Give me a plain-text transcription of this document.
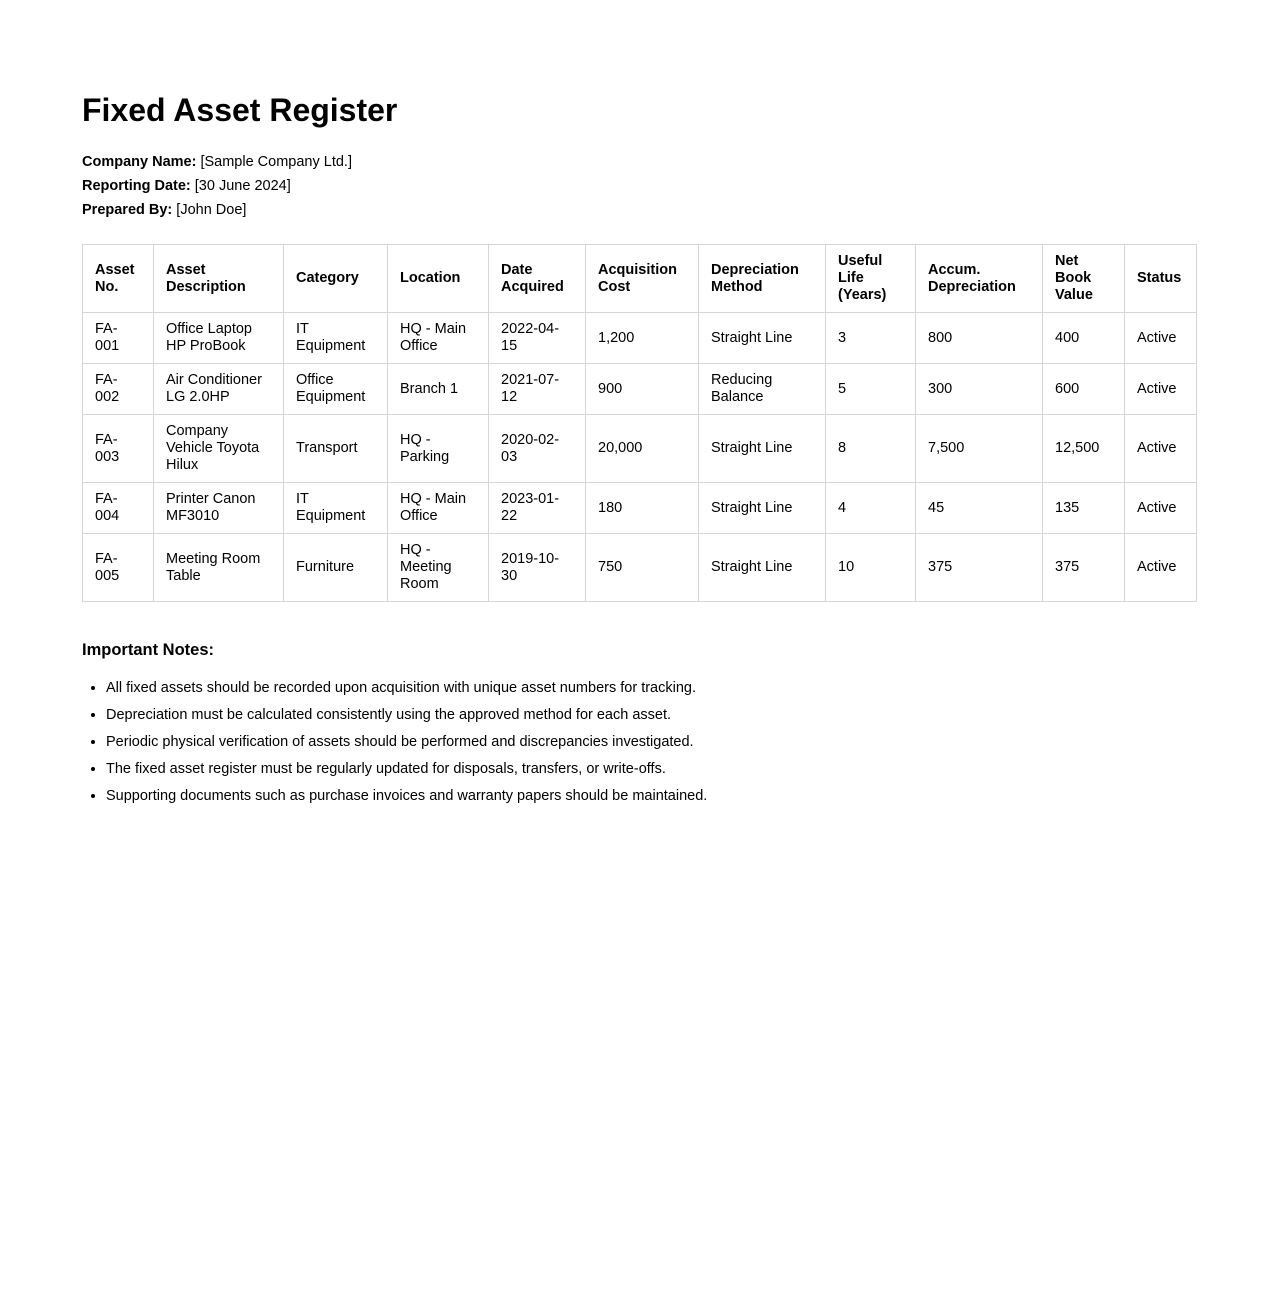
Fixed Asset Register
Company Name: [Sample Company Ltd.]
Reporting Date: [30 June 2024]
Prepared By: [John Doe]
Asset No.	Asset Description	Category	Location	Date Acquired	Acquisition Cost	Depreciation Method	Useful Life (Years)	Accum. Depreciation	Net Book Value	Status
FA-001	Office Laptop HP ProBook	IT Equipment	HQ - Main Office	2022-04-15	1,200	Straight Line	3	800	400	Active
FA-002	Air Conditioner LG 2.0HP	Office Equipment	Branch 1	2021-07-12	900	Reducing Balance	5	300	600	Active
FA-003	Company Vehicle Toyota Hilux	Transport	HQ - Parking	2020-02-03	20,000	Straight Line	8	7,500	12,500	Active
FA-004	Printer Canon MF3010	IT Equipment	HQ - Main Office	2023-01-22	180	Straight Line	4	45	135	Active
FA-005	Meeting Room Table	Furniture	HQ - Meeting Room	2019-10-30	750	Straight Line	10	375	375	Active
Important Notes:
• All fixed assets should be recorded upon acquisition with unique asset numbers for tracking.
• Depreciation must be calculated consistently using the approved method for each asset.
• Periodic physical verification of assets should be performed and discrepancies investigated.
• The fixed asset register must be regularly updated for disposals, transfers, or write-offs.
• Supporting documents such as purchase invoices and warranty papers should be maintained.
